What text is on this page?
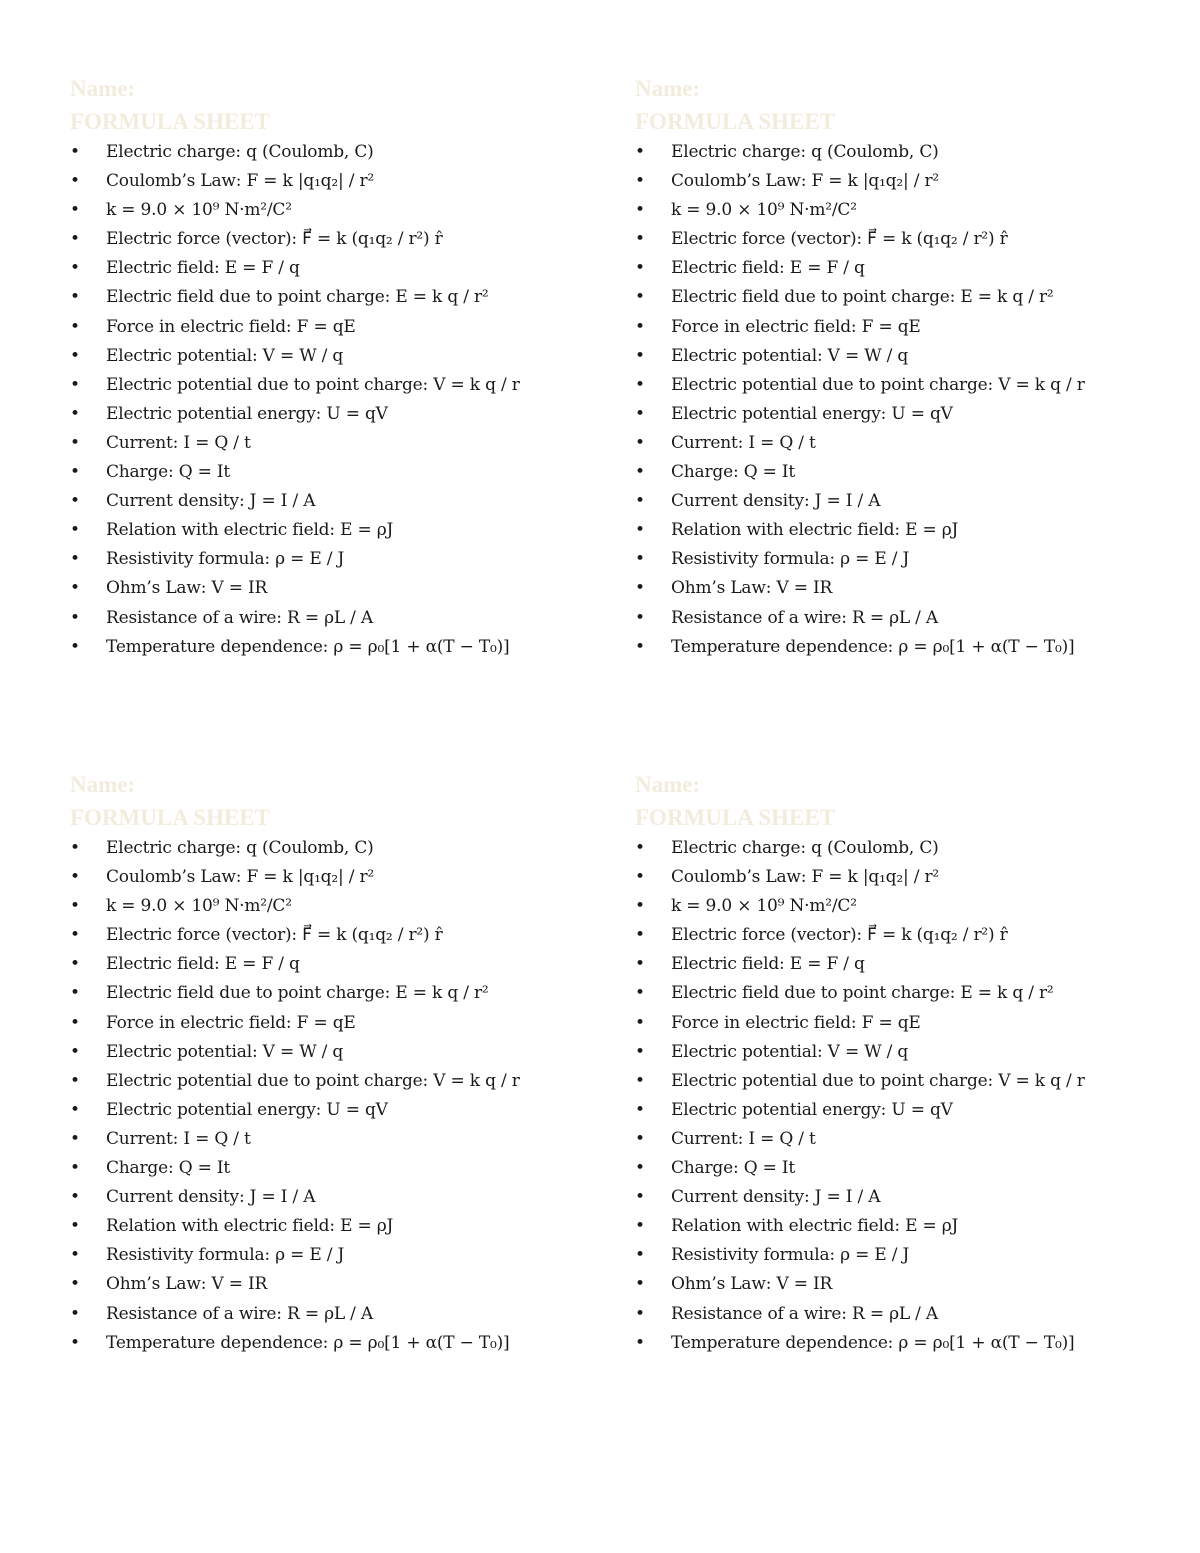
Name:
FORMULA SHEET
• Electric charge: q (Coulomb, C)
• Coulomb’s Law: F = k |q₁q₂| / r²
• k = 9.0 × 10⁹ N·m²/C²
• Electric force (vector): F⃗ = k (q₁q₂ / r²) r̂
• Electric field: E = F / q
• Electric field due to point charge: E = k q / r²
• Force in electric field: F = qE
• Electric potential: V = W / q
• Electric potential due to point charge: V = k q / r
• Electric potential energy: U = qV
• Current: I = Q / t
• Charge: Q = It
• Current density: J = I / A
• Relation with electric field: E = ρJ
• Resistivity formula: ρ = E / J
• Ohm’s Law: V = IR
• Resistance of a wire: R = ρL / A
• Temperature dependence: ρ = ρ₀[1 + α(T − T₀)]
Name:
FORMULA SHEET
• Electric charge: q (Coulomb, C)
• Coulomb’s Law: F = k |q₁q₂| / r²
• k = 9.0 × 10⁹ N·m²/C²
• Electric force (vector): F⃗ = k (q₁q₂ / r²) r̂
• Electric field: E = F / q
• Electric field due to point charge: E = k q / r²
• Force in electric field: F = qE
• Electric potential: V = W / q
• Electric potential due to point charge: V = k q / r
• Electric potential energy: U = qV
• Current: I = Q / t
• Charge: Q = It
• Current density: J = I / A
• Relation with electric field: E = ρJ
• Resistivity formula: ρ = E / J
• Ohm’s Law: V = IR
• Resistance of a wire: R = ρL / A
• Temperature dependence: ρ = ρ₀[1 + α(T − T₀)]
Name:
FORMULA SHEET
• Electric charge: q (Coulomb, C)
• Coulomb’s Law: F = k |q₁q₂| / r²
• k = 9.0 × 10⁹ N·m²/C²
• Electric force (vector): F⃗ = k (q₁q₂ / r²) r̂
• Electric field: E = F / q
• Electric field due to point charge: E = k q / r²
• Force in electric field: F = qE
• Electric potential: V = W / q
• Electric potential due to point charge: V = k q / r
• Electric potential energy: U = qV
• Current: I = Q / t
• Charge: Q = It
• Current density: J = I / A
• Relation with electric field: E = ρJ
• Resistivity formula: ρ = E / J
• Ohm’s Law: V = IR
• Resistance of a wire: R = ρL / A
• Temperature dependence: ρ = ρ₀[1 + α(T − T₀)]
Name:
FORMULA SHEET
• Electric charge: q (Coulomb, C)
• Coulomb’s Law: F = k |q₁q₂| / r²
• k = 9.0 × 10⁹ N·m²/C²
• Electric force (vector): F⃗ = k (q₁q₂ / r²) r̂
• Electric field: E = F / q
• Electric field due to point charge: E = k q / r²
• Force in electric field: F = qE
• Electric potential: V = W / q
• Electric potential due to point charge: V = k q / r
• Electric potential energy: U = qV
• Current: I = Q / t
• Charge: Q = It
• Current density: J = I / A
• Relation with electric field: E = ρJ
• Resistivity formula: ρ = E / J
• Ohm’s Law: V = IR
• Resistance of a wire: R = ρL / A
• Temperature dependence: ρ = ρ₀[1 + α(T − T₀)]
